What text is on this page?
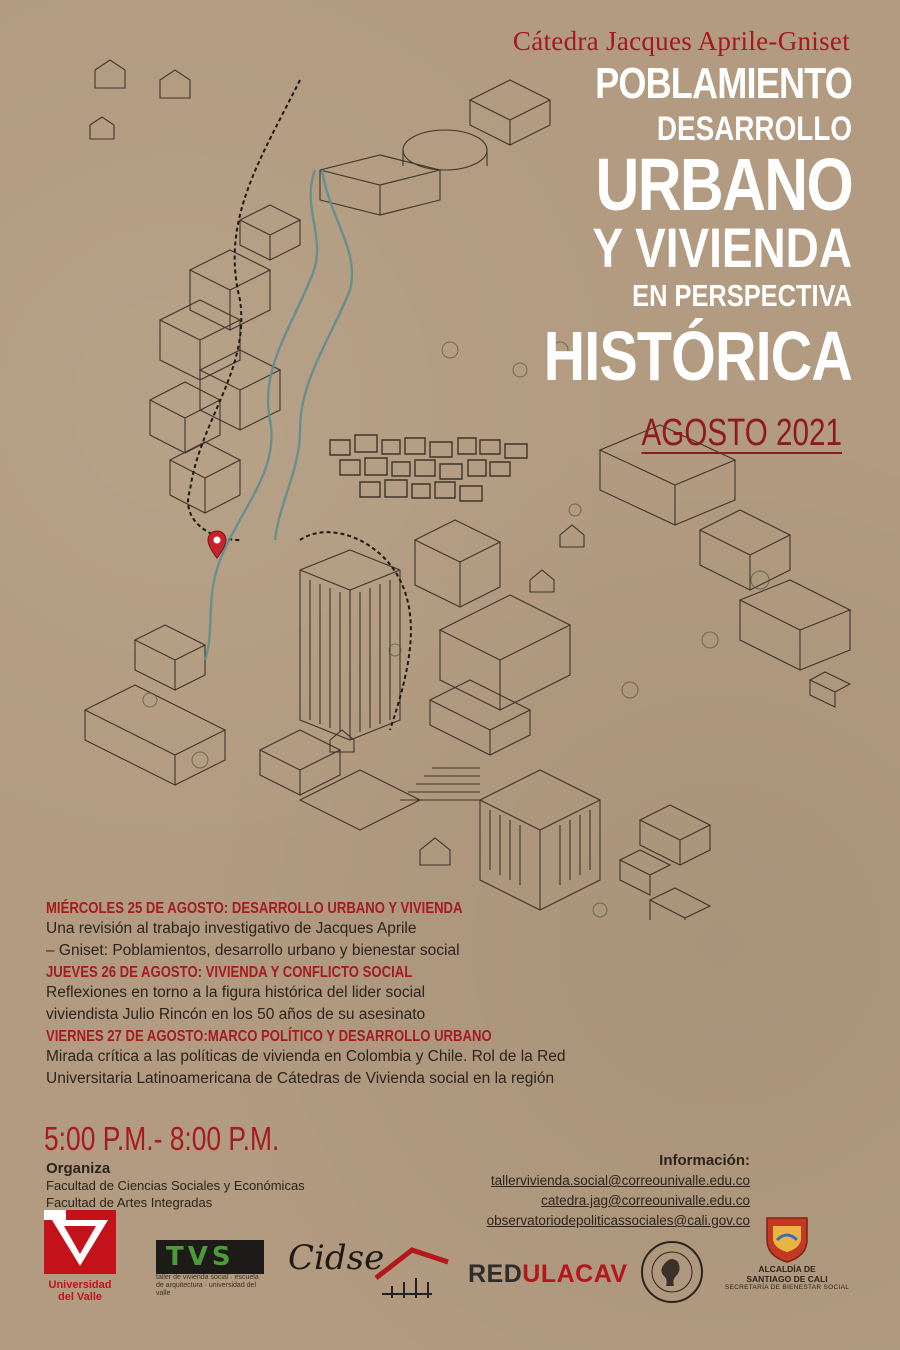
Cátedra Jacques Aprile-Gniset
POBLAMIENTO
DESARROLLO
URBANO
Y VIVIENDA
EN PERSPECTIVA
HISTÓRICA
AGOSTO 2021
MIÉRCOLES 25 DE AGOSTO: DESARROLLO URBANO Y VIVIENDA
Una revisión al trabajo investigativo de Jacques Aprile
– Gniset: Poblamientos, desarrollo urbano y bienestar social
JUEVES 26 DE AGOSTO: VIVIENDA Y CONFLICTO SOCIAL
Reflexiones en torno a la figura histórica del lider social
viviendista Julio Rincón en los 50 años de su asesinato
VIERNES 27 DE AGOSTO:MARCO POLÍTICO Y DESARROLLO URBANO
Mirada crítica a las políticas de vivienda en Colombia y Chile. Rol de la Red
Universitaria Latinoamericana de Cátedras de Vivienda social en la región
5:00 P.M.- 8:00 P.M.
Organiza
Facultad de Ciencias Sociales y Económicas
Facultad de Artes Integradas
Información:
tallervivienda.social@correounivalle.edu.co
catedra.jag@correounivalle.edu.co
observatoriodepoliticassociales@cali.gov.co
Universidad del Valle
TVS
taller de vivienda social · escuela de arquitectura · universidad del valle
Cidse	REDULACAV	ALCALDÍA DE
SANTIAGO DE CALI
SECRETARÍA DE BIENESTAR SOCIAL
